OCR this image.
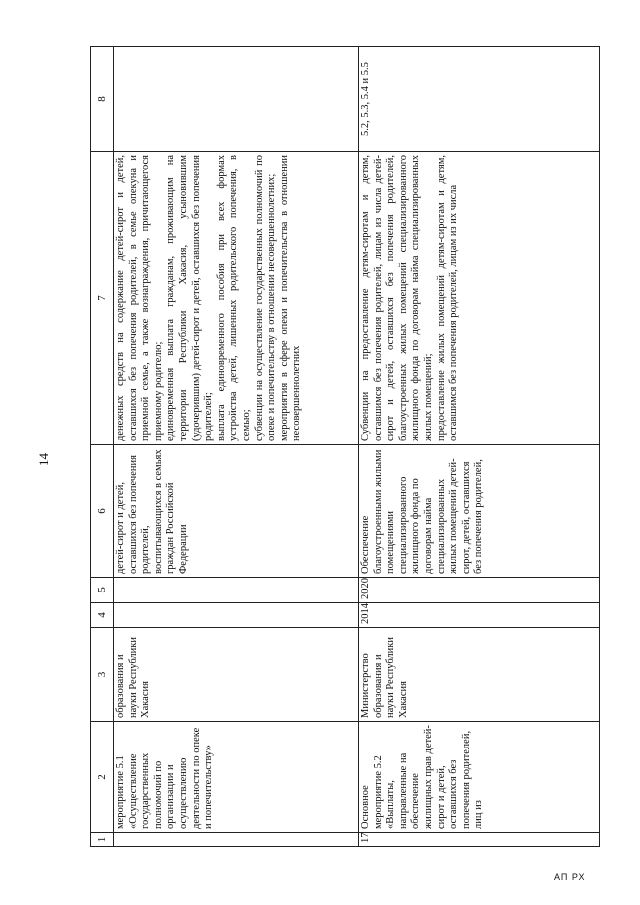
14
1	2	3	4	5	6	7	8
	мероприятие 5.1 «Осуществление государственных полномочий по организации и осуществлению деятельности по опеке и попечительству»	образования и науки Республики Хакасия			детей-сирот и детей, оставшихся без попечения родителей, воспитывающихся в семьях граждан Российской Федерации	денежных средств на содержание детей-сирот и детей, оставшихся без попечения родителей, в семье опекуна и приемной семье, а также вознаграждения, причитающегося приемному родителю; единовременная выплата гражданам, проживающим на территории Республики Хакасия, усыновившим (удочерившим) детей-сирот и детей, оставшихся без попечения родителей; выплата единовременного пособия при всех формах устройства детей, лишенных родительского попечения, в семью; субвенции на осуществление государственных полномочий по опеке и попечительству в отношении несовершеннолетних; мероприятия в сфере опеки и попечительства в отношении несовершеннолетних	

17	Основное мероприятие 5.2 «Выплаты, направленные на обеспечение жилищных прав детей-сирот и детей, оставшихся без попечения родителей, лиц из	Министерство образования и науки Республики Хакасия	2014	2020	Обеспечение благоустроенными жилыми помещениями специализированного жилищного фонда по договорам найма специализированных жилых помещений детей-сирот, детей, оставшихся без попечения родителей,	Субвенции на предоставление детям-сиротам и детям, оставшимся без попечения родителей, лицам из числа детей-сирот и детей, оставшихся без попечения родителей, благоустроенных жилых помещений специализированного жилищного фонда по договорам найма специализированных жилых помещений; предоставление жилых помещений детям-сиротам и детям, оставшимся без попечения родителей, лицам из их числа	5.2, 5.3, 5.4 и 5.5
АП РХ
